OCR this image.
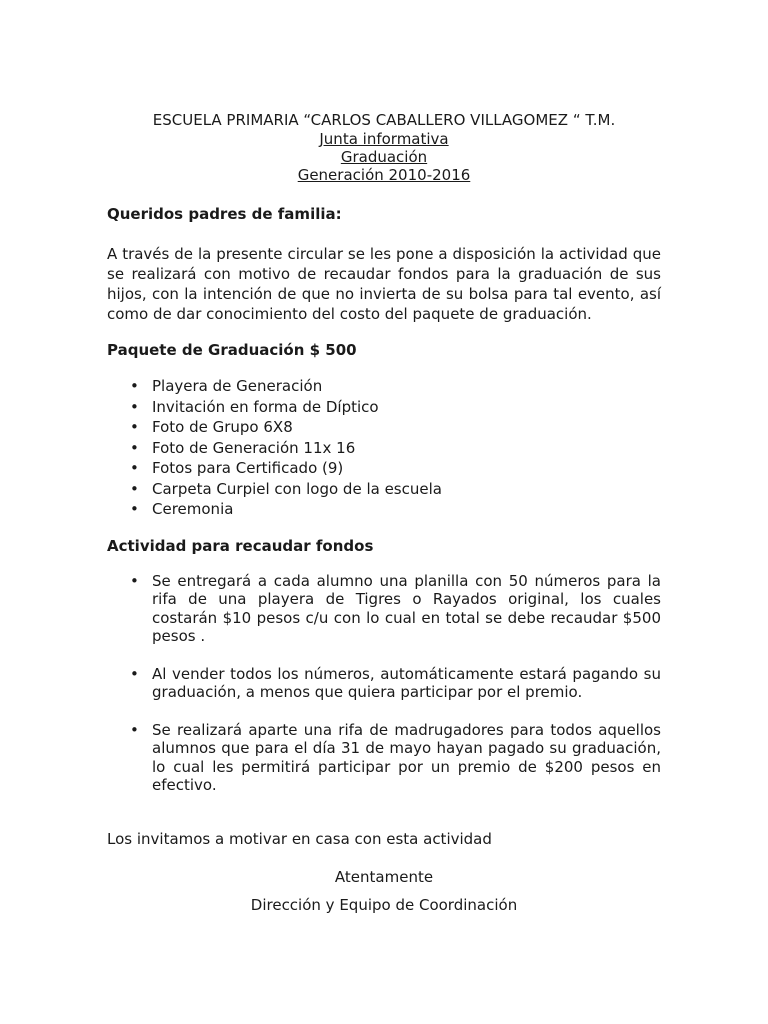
ESCUELA PRIMARIA “CARLOS CABALLERO VILLAGOMEZ “ T.M.

Junta informativa

Graduación

Generación 2010-2016

Queridos padres de familia:

A través de la presente circular se les pone a disposición la actividad que se realizará con motivo de recaudar fondos para la graduación de sus hijos, con la intención de que no invierta de su bolsa para tal evento, así como de dar conocimiento del costo del paquete de graduación.

Paquete de Graduación $ 500

• Playera de Generación
• Invitación en forma de Díptico
• Foto de Grupo 6X8
• Foto de Generación 11x 16
• Fotos para Certificado (9)
• Carpeta Curpiel con logo de la escuela
• Ceremonia

Actividad para recaudar fondos

• Se entregará a cada alumno una planilla con 50 números para la rifa de una playera de Tigres o Rayados original, los cuales costarán $10 pesos c/u con lo cual en total se debe recaudar $500 pesos .
• Al vender todos los números, automáticamente estará pagando su graduación, a menos que quiera participar por el premio.
• Se realizará aparte una rifa de madrugadores para todos aquellos alumnos que para el día 31 de mayo hayan pagado su graduación, lo cual les permitirá participar por un premio de $200 pesos en efectivo.

Los invitamos a motivar en casa con esta actividad

Atentamente

Dirección y Equipo de Coordinación
